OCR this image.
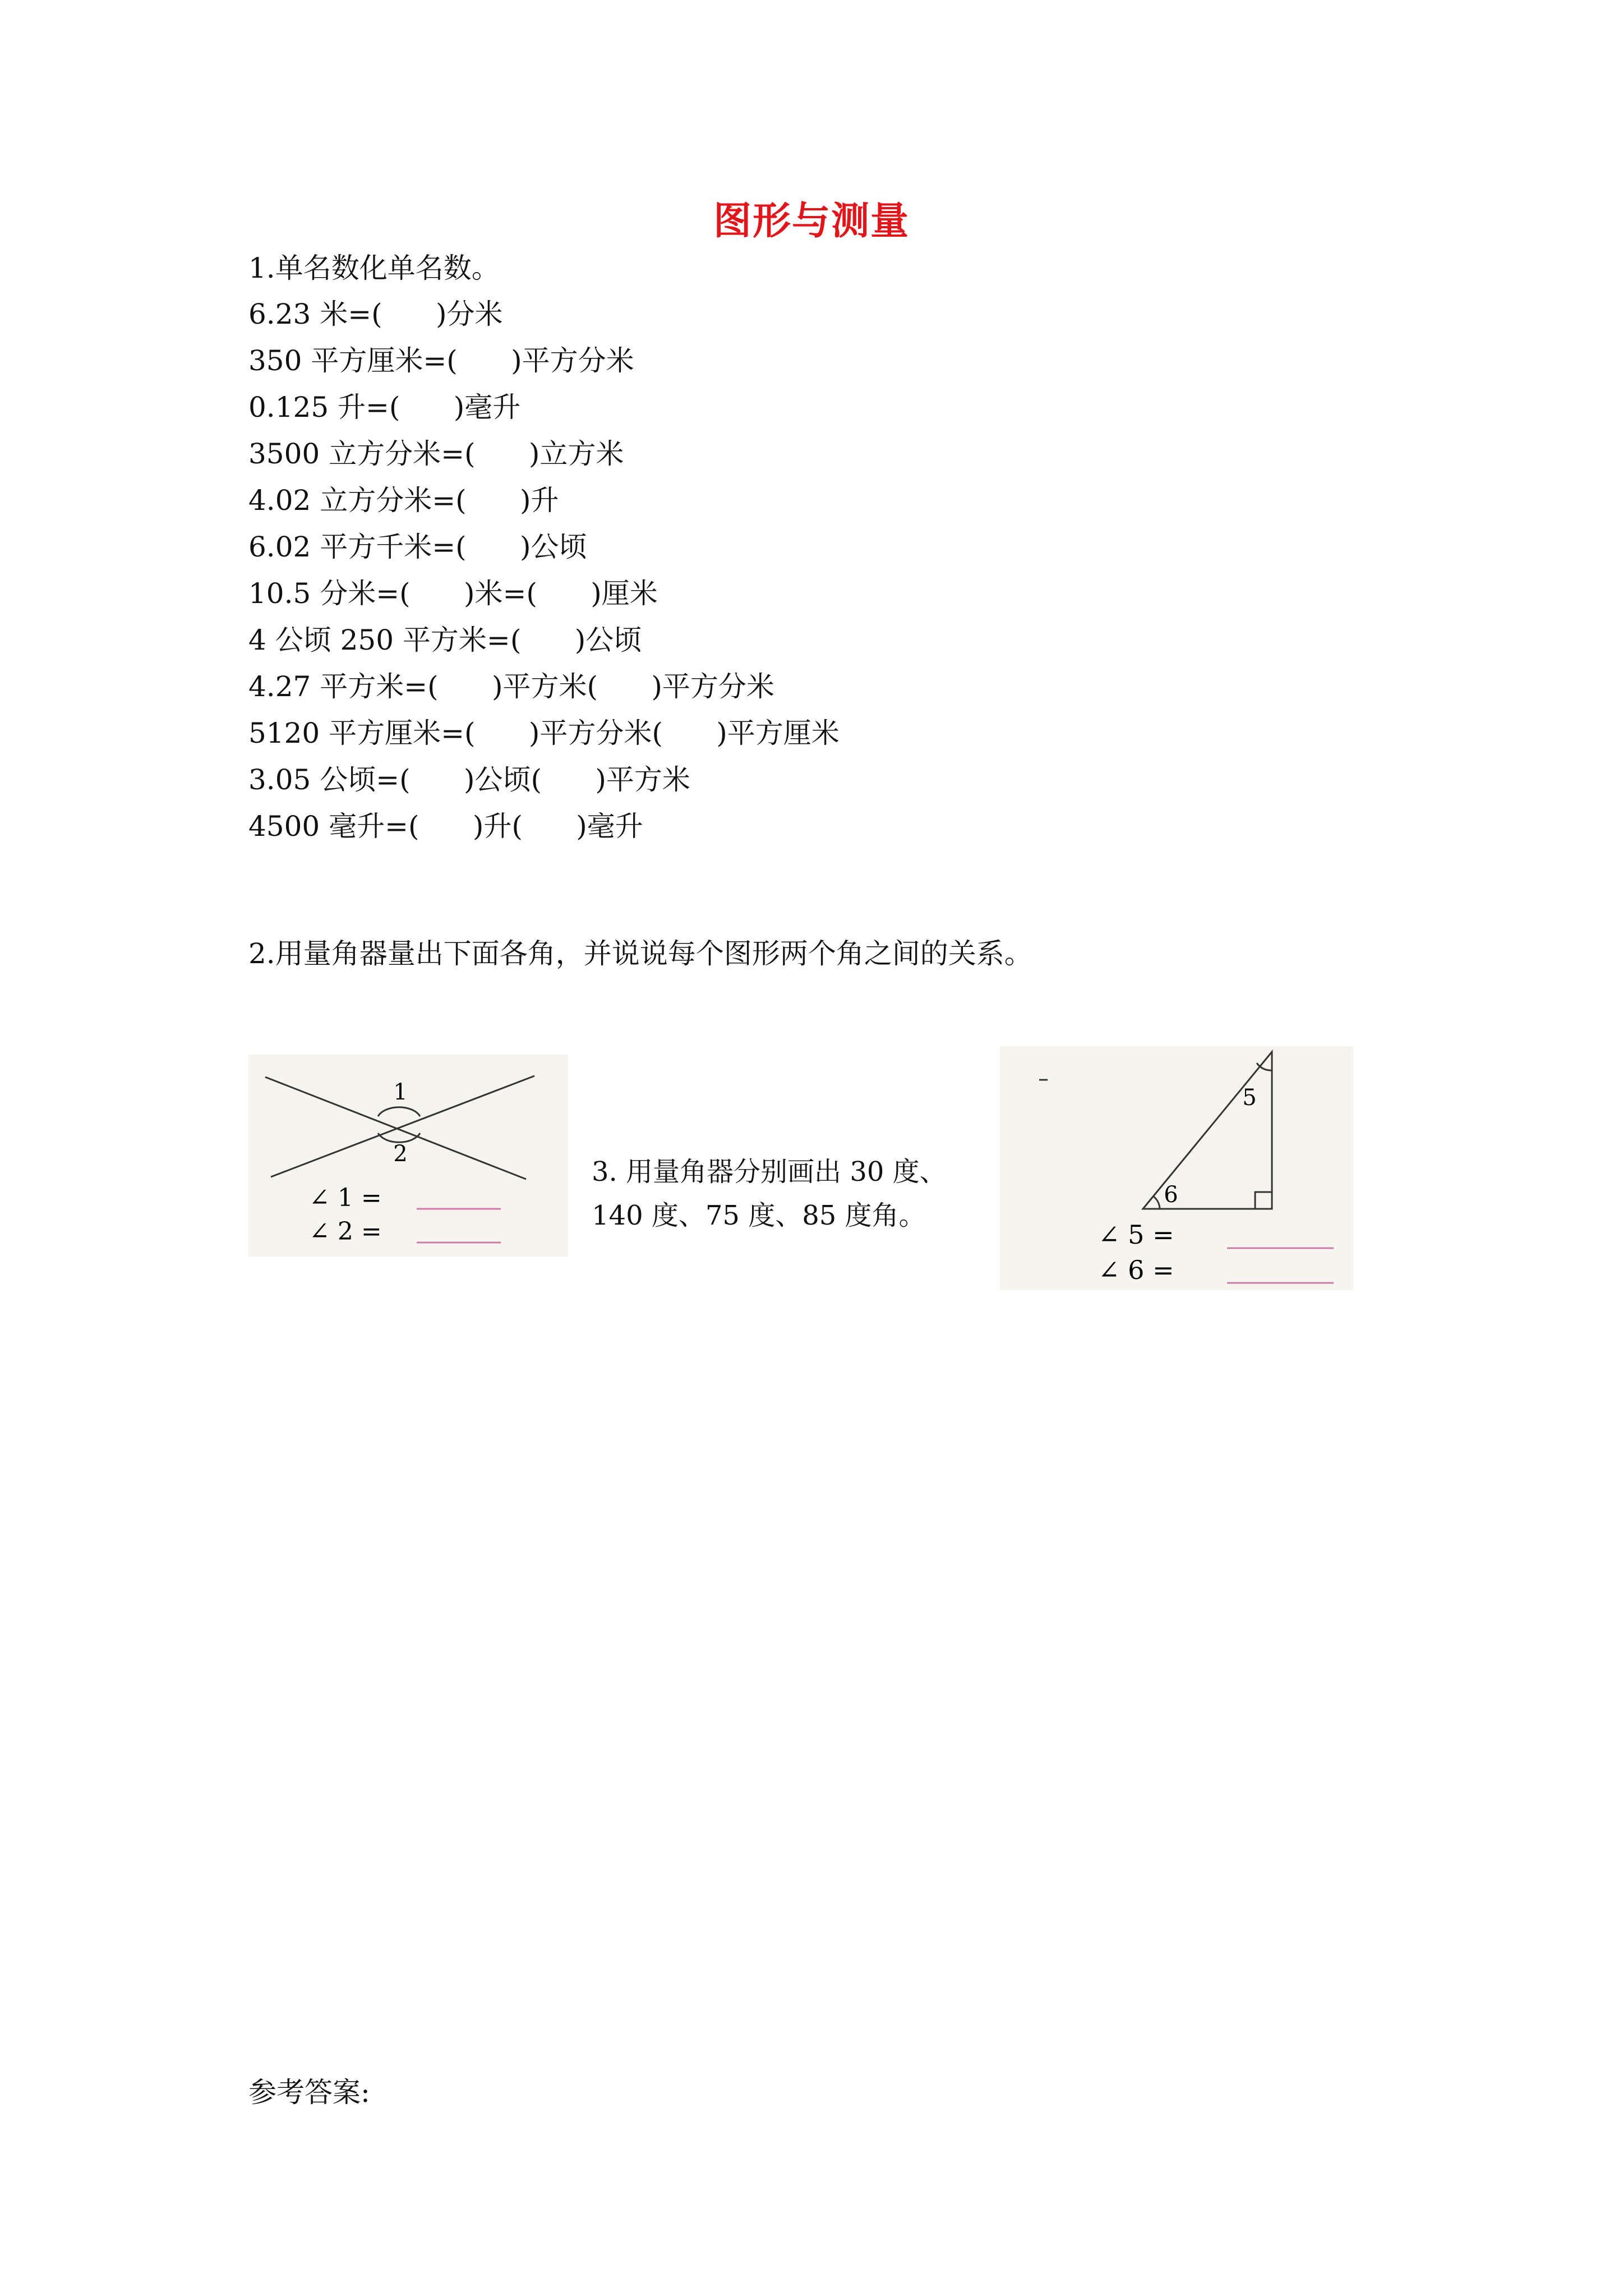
图形与测量
1.单名数化单名数。
6.23 米=(      )分米
350 平方厘米=(      )平方分米
0.125 升=(      )毫升
3500 立方分米=(      )立方米
4.02 立方分米=(      )升
6.02 平方千米=(      )公顷
10.5 分米=(      )米=(      )厘米
4 公顷 250 平方米=(      )公顷
4.27 平方米=(      )平方米(      )平方分米
5120 平方厘米=(      )平方分米(      )平方厘米
3.05 公顷=(      )公顷(      )平方米
4500 毫升=(      )升(      )毫升
2.用量角器量出下面各角，并说说每个图形两个角之间的关系。
1
2
∠ 1 =
∠ 2 =
3. 用量角器分别画出 30 度、
140 度、75 度、85 度角。
5
6
∠ 5 =
∠ 6 =
参考答案:
